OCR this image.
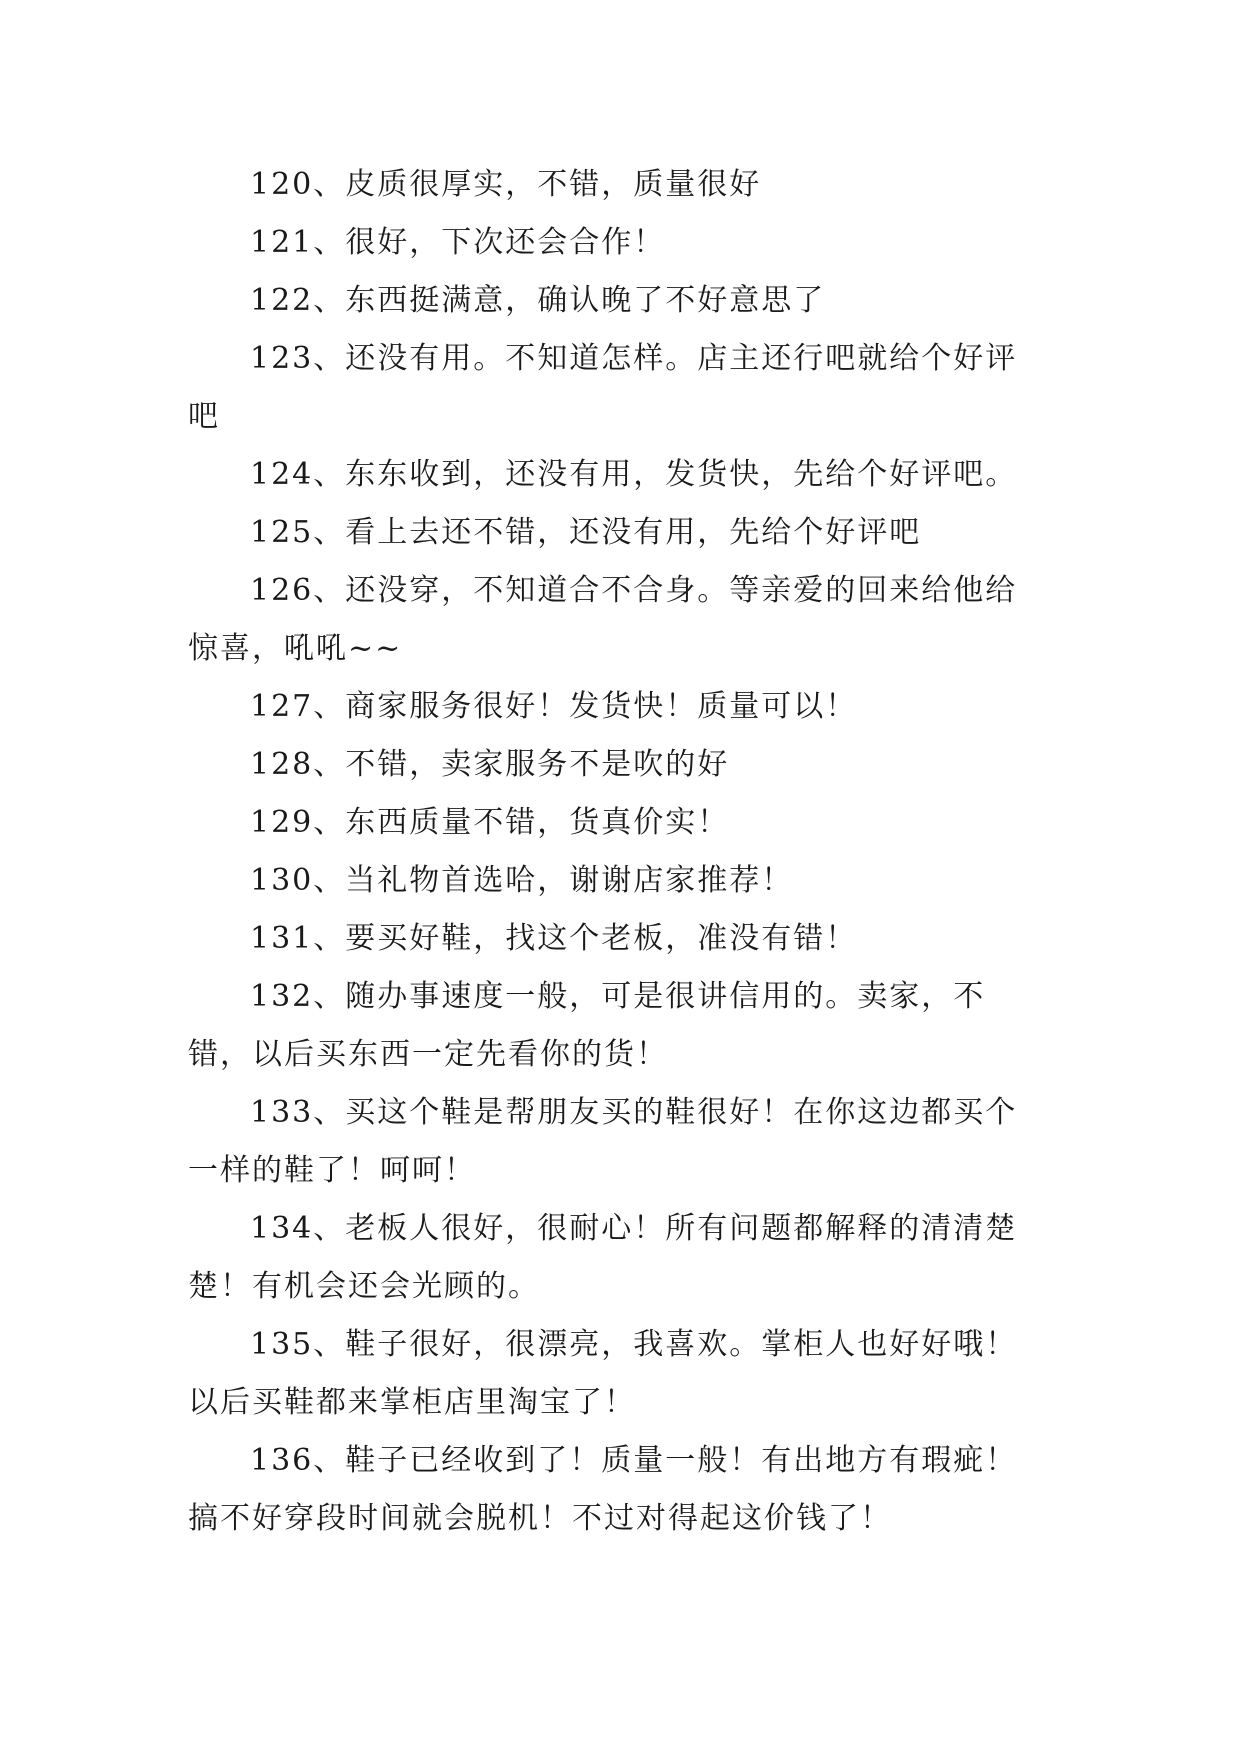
120、皮质很厚实，不错，质量很好

121、很好，下次还会合作！

122、东西挺满意，确认晚了不好意思了

123、还没有用。不知道怎样。店主还行吧就给个好评吧

124、东东收到，还没有用，发货快，先给个好评吧。

125、看上去还不错，还没有用，先给个好评吧

126、还没穿，不知道合不合身。等亲爱的回来给他给惊喜，吼吼~~

127、商家服务很好！发货快！质量可以！

128、不错，卖家服务不是吹的好

129、东西质量不错，货真价实！

130、当礼物首选哈，谢谢店家推荐！

131、要买好鞋，找这个老板，准没有错！

132、随办事速度一般，可是很讲信用的。卖家，不错，以后买东西一定先看你的货！

133、买这个鞋是帮朋友买的鞋很好！在你这边都买个一样的鞋了！呵呵！

134、老板人很好，很耐心！所有问题都解释的清清楚楚！有机会还会光顾的。

135、鞋子很好，很漂亮，我喜欢。掌柜人也好好哦！以后买鞋都来掌柜店里淘宝了！

136、鞋子已经收到了！质量一般！有出地方有瑕疵！搞不好穿段时间就会脱机！不过对得起这价钱了！
